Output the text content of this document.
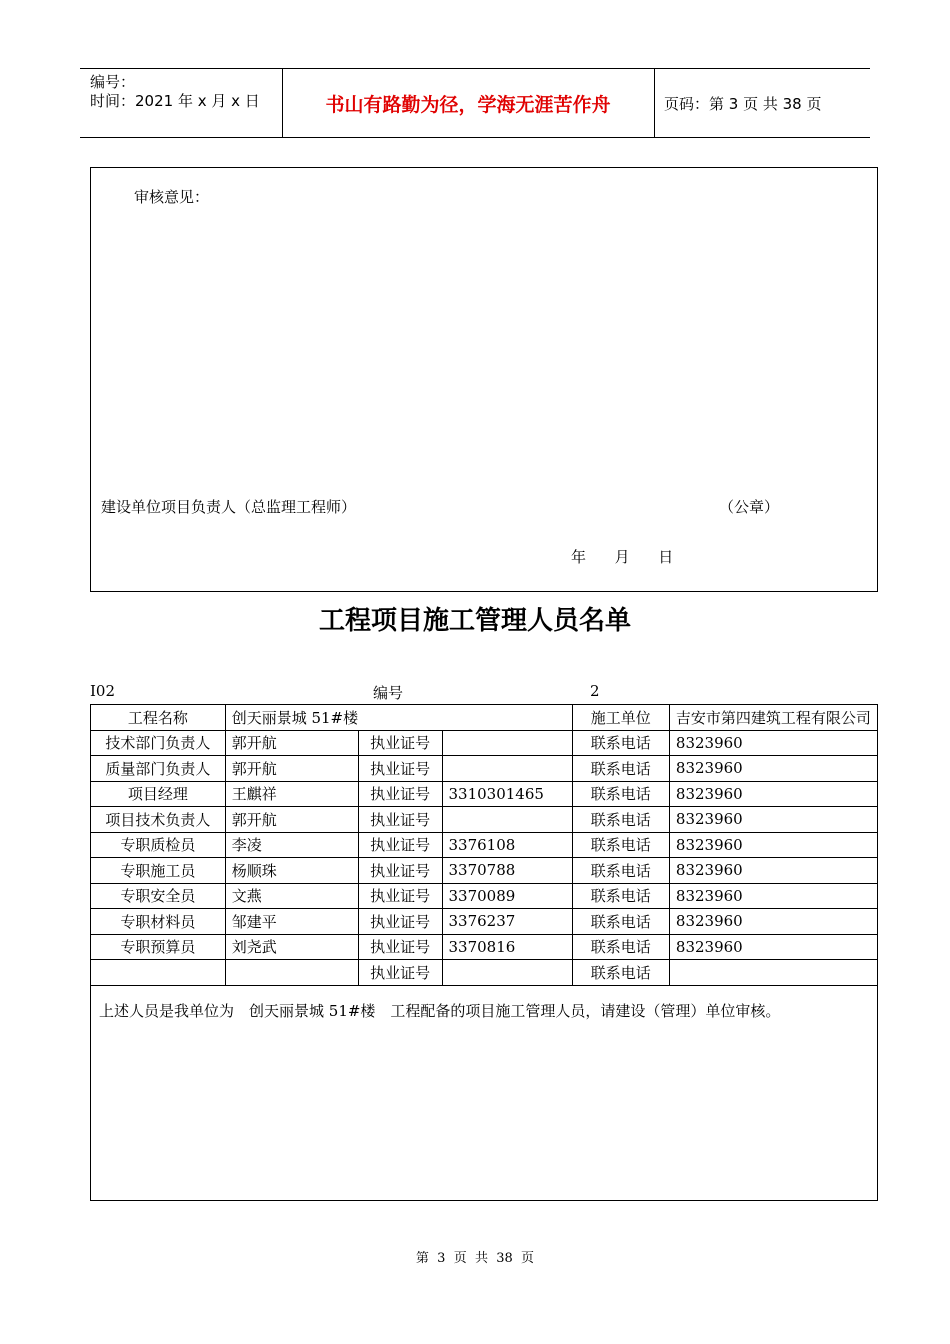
编号：
时间：2021 年 x 月 x 日	书山有路勤为径，学海无涯苦作舟	页码：第 3 页 共 38 页
审核意见：
建设单位项目负责人（总监理工程师）	（公章）
年      月      日
工程项目施工管理人员名单
I02	编号	2
工程名称	创天丽景城 51#楼			施工单位	吉安市第四建筑工程有限公司
技术部门负责人	郭开航	执业证号		联系电话	8323960
质量部门负责人	郭开航	执业证号		联系电话	8323960
项目经理	王麒祥	执业证号	3310301465	联系电话	8323960
项目技术负责人	郭开航	执业证号		联系电话	8323960
专职质检员	李凌	执业证号	3376108	联系电话	8323960
专职施工员	杨顺珠	执业证号	3370788	联系电话	8323960
专职安全员	文燕	执业证号	3370089	联系电话	8323960
专职材料员	邹建平	执业证号	3376237	联系电话	8323960
专职预算员	刘尧武	执业证号	3370816	联系电话	8323960
		执业证号		联系电话	
上述人员是我单位为　创天丽景城 51#楼　工程配备的项目施工管理人员，请建设（管理）单位审核。					
第  3  页  共  38  页
